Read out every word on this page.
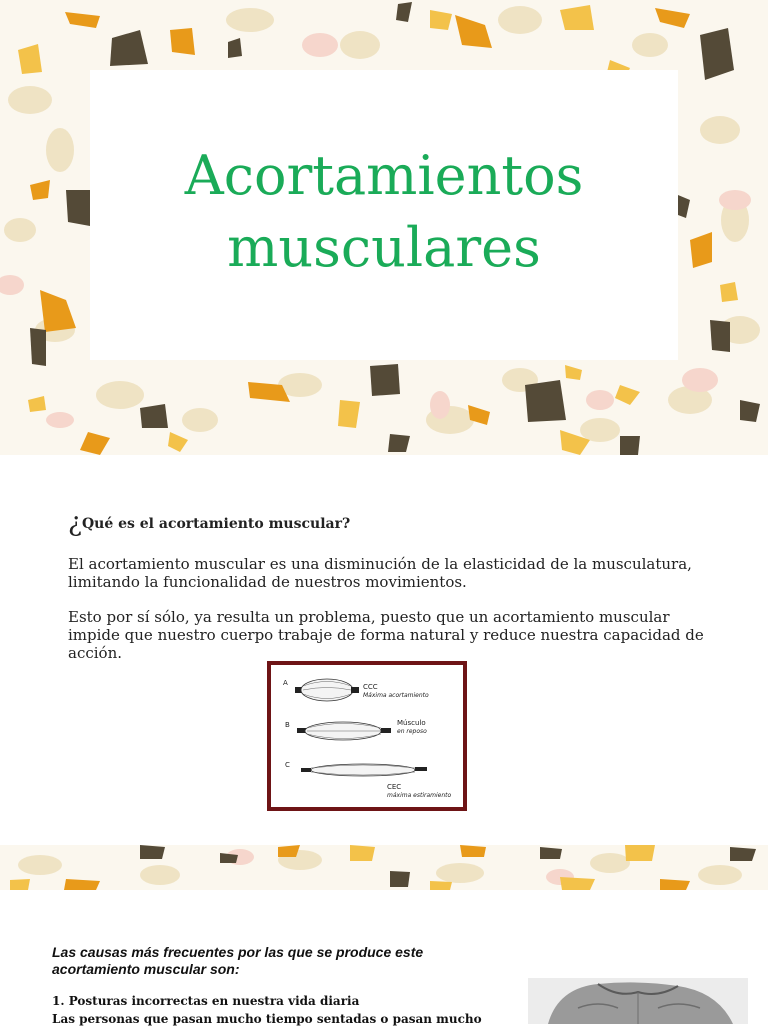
Acortamientos musculares
¿Qué es el acortamiento muscular?

El acortamiento muscular es una disminución de la elasticidad de la musculatura, limitando la funcionalidad de nuestros movimientos.

Esto por sí sólo, ya resulta un problema, puesto que un acortamiento muscular impide que nuestro cuerpo trabaje de forma natural y reduce nuestra capacidad de acción.

A	CCC
Máxima acortamiento
B	Músculo
en reposo
C
CEC
máxima estiramiento

Las causas más frecuentes por las que se produce este acortamiento muscular son:

1. Posturas incorrectas en nuestra vida diaria

Las personas que pasan mucho tiempo sentadas o pasan mucho
